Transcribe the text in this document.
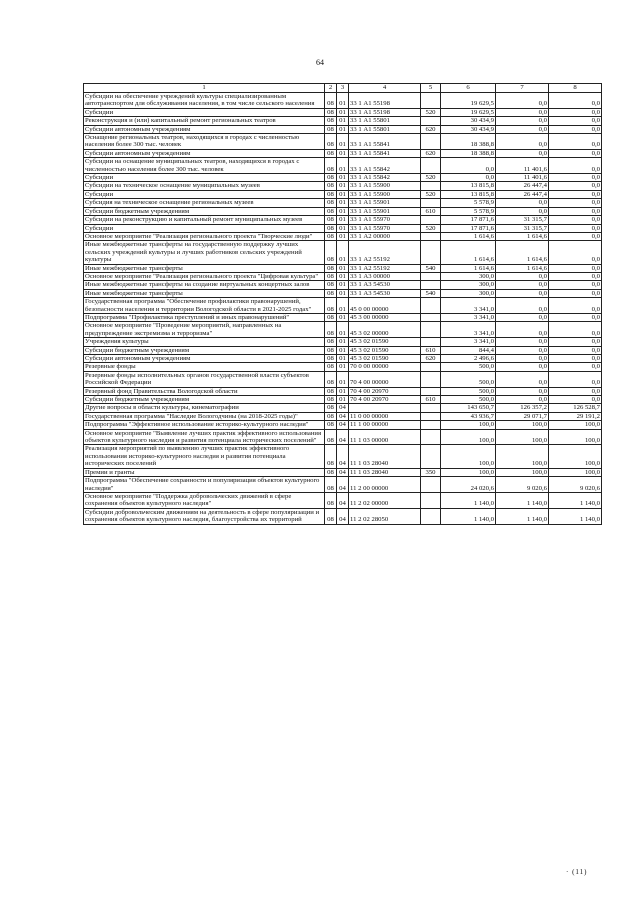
64
1	2	3	4	5	6	7	8
Субсидии на обеспечение учреждений культуры специализированным автотранспортом для обслуживания населения, в том числе сельского населения	08	01	33 1 А1 55198		19 629,5	0,0	0,0
Субсидии	08	01	33 1 А1 55198	520	19 629,5	0,0	0,0
Реконструкция и (или) капитальный ремонт региональных театров	08	01	33 1 А1 55801		30 434,9	0,0	0,0
Субсидии автономным учреждениям	08	01	33 1 А1 55801	620	30 434,9	0,0	0,0
Оснащение региональных театров, находящихся в городах с численностью населения более 300 тыс. человек	08	01	33 1 А1 55841		18 388,8	0,0	0,0
Субсидии автономным учреждениям	08	01	33 1 А1 55841	620	18 388,8	0,0	0,0
Субсидии на оснащение муниципальных театров, находящихся в городах с численностью населения более 300 тыс. человек	08	01	33 1 А1 55842		0,0	11 401,6	0,0
Субсидии	08	01	33 1 А1 55842	520	0,0	11 401,6	0,0
Субсидии на техническое оснащение муниципальных музеев	08	01	33 1 А1 55900		13 815,8	26 447,4	0,0
Субсидии	08	01	33 1 А1 55900	520	13 815,8	26 447,4	0,0
Субсидия на техническое оснащение региональных музеев	08	01	33 1 А1 55901		5 578,9	0,0	0,0
Субсидии бюджетным учреждениям	08	01	33 1 А1 55901	610	5 578,9	0,0	0,0
Субсидии на реконструкцию и капитальный ремонт муниципальных музеев	08	01	33 1 А1 55970		17 871,6	31 315,7	0,0
Субсидии	08	01	33 1 А1 55970	520	17 871,6	31 315,7	0,0
Основное мероприятие "Реализация регионального проекта "Творческие люди"	08	01	33 1 А2 00000		1 614,6	1 614,6	0,0
Иные межбюджетные трансферты на государственную поддержку лучших сельских учреждений культуры и лучших работников сельских учреждений культуры	08	01	33 1 А2 55192		1 614,6	1 614,6	0,0
Иные межбюджетные трансферты	08	01	33 1 А2 55192	540	1 614,6	1 614,6	0,0
Основное мероприятие "Реализация регионального проекта "Цифровая культура"	08	01	33 1 А3 00000		300,0	0,0	0,0
Иные межбюджетные трансферты на создание виртуальных концертных залов	08	01	33 1 А3 54530		300,0	0,0	0,0
Иные межбюджетные трансферты	08	01	33 1 А3 54530	540	300,0	0,0	0,0
Государственная программа "Обеспечение профилактики правонарушений, безопасности населения и территории Вологодской области в 2021-2025 годах"	08	01	45 0 00 00000		3 341,0	0,0	0,0
Подпрограмма "Профилактика преступлений и иных правонарушений"	08	01	45 3 00 00000		3 341,0	0,0	0,0
Основное мероприятие "Проведение мероприятий, направленных на предупреждение экстремизма и терроризма"	08	01	45 3 02 00000		3 341,0	0,0	0,0
Учреждения культуры	08	01	45 3 02 01590		3 341,0	0,0	0,0
Субсидии бюджетным учреждениям	08	01	45 3 02 01590	610	844,4	0,0	0,0
Субсидии автономным учреждениям	08	01	45 3 02 01590	620	2 496,6	0,0	0,0
Резервные фонды	08	01	70 0 00 00000		500,0	0,0	0,0
Резервные фонды исполнительных органов государственной власти субъектов Российской Федерации	08	01	70 4 00 00000		500,0	0,0	0,0
Резервный фонд Правительства Вологодской области	08	01	70 4 00 20970		500,0	0,0	0,0
Субсидии бюджетным учреждениям	08	01	70 4 00 20970	610	500,0	0,0	0,0
Другие вопросы в области культуры, кинематографии	08	04			143 650,7	126 357,2	126 528,7
Государственная программа "Наследие Вологодчины (на 2018-2025 годы)"	08	04	11 0 00 00000		43 936,7	29 071,7	29 191,2
Подпрограмма "Эффективное использование историко-культурного наследия"	08	04	11 1 00 00000		100,0	100,0	100,0
Основное мероприятие "Выявление лучших практик эффективного использования объектов культурного наследия и развития потенциала исторических поселений"	08	04	11 1 03 00000		100,0	100,0	100,0
Реализация мероприятий по выявлению лучших практик эффективного использования историко-культурного наследия и развития потенциала исторических поселений	08	04	11 1 03 28040		100,0	100,0	100,0
Премии и гранты	08	04	11 1 03 28040	350	100,0	100,0	100,0
Подпрограмма "Обеспечение сохранности и популяризация объектов культурного наследия"	08	04	11 2 00 00000		24 020,6	9 020,6	9 020,6
Основное мероприятие "Поддержка добровольческих движений в сфере сохранения объектов культурного наследия"	08	04	11 2 02 00000		1 140,0	1 140,0	1 140,0
Субсидии добровольческим движениям на деятельность в сфере популяризации и сохранения объектов культурного наследия, благоустройства их территорий	08	04	11 2 02 28050		1 140,0	1 140,0	1 140,0
· (11)
